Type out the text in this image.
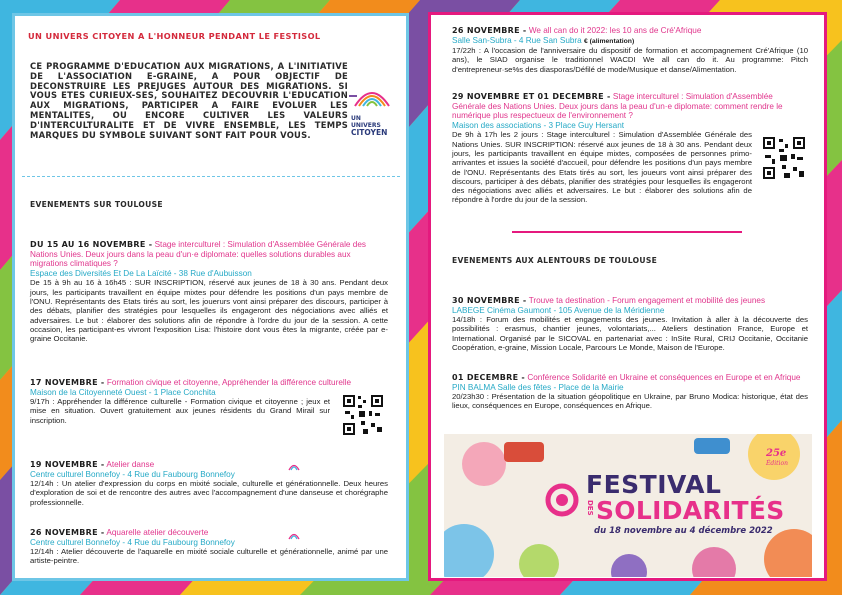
UN UNIVERS CITOYEN A L'HONNEUR PENDANT LE FESTISOL
CE PROGRAMME D'EDUCATION AUX MIGRATIONS, A L'INITIATIVE DE L'ASSOCIATION E-GRAINE, A POUR OBJECTIF DE DECONSTRUIRE LES PREJUGES AUTOUR DES MIGRATIONS. SI VOUS ETES CURIEUX-SES, SOUHAITEZ DECOUVRIR L'EDUCATION AUX MIGRATIONS, PARTICIPER A FAIRE EVOLUER LES MENTALITES, OU ENCORE CULTIVER LES VALEURS D'INTERCULTURALITE ET DE VIVRE ENSEMBLE, LES TEMPS MARQUES DU SYMBOLE SUIVANT SONT FAIT POUR VOUS.
UN
UNIVERS
CITOYEN
EVENEMENTS SUR TOULOUSE
DU 15 AU 16 NOVEMBRE - Stage interculturel : Simulation d'Assemblée Générale des Nations Unies. Deux jours dans la peau d'un·e diplomate: quelles solutions durables aux migrations climatiques ?
Espace des Diversités Et De La Laïcité - 38 Rue d'Aubuisson
De 15 à 9h au 16 à 16h45 : SUR INSCRIPTION, réservé aux jeunes de 18 à 30 ans. Pendant deux jours, les participants travaillent en équipe mixtes pour défendre les positions d'un pays membre de l'ONU. Représentants des Etats tirés au sort, les jouerurs vont ainsi préparer des discours, participer à des débats, planifier des stratégies pour lesquelles ils engageront des négociations avec alliés et adversaires. Le but : élaborer des solutions afin de répondre à l'ordre du jour de la session. A cette occasion, les participant-es vivront l'exposition Lisa: l'histoire dont vous êtes la migrante, créée par e-graine Occitanie.
17 NOVEMBRE - Formation civique et citoyenne, Appréhender la différence culturelle
Maison de la Citoyenneté Ouest - 1 Place Conchita
9/17h : Appréhender la différence culturelle - Formation civique et citoyenne ; jeux et mise en situation. Ouvert gratuitement aux jeunes résidents du Grand Mirail sur inscription.
19 NOVEMBRE - Atelier danse
Centre culturel Bonnefoy - 4 Rue du Faubourg Bonnefoy
12/14h : Un atelier d'expression du corps en mixité sociale, culturelle et générationnelle. Deux heures d'exploration de soi et de rencontre des autres avec l'accompagnement d'une danseuse et chorégraphe professionnelle.
26 NOVEMBRE - Aquarelle atelier découverte
Centre culturel Bonnefoy - 4 Rue du Faubourg Bonnefoy
12/14h : Atelier découverte de l'aquarelle en mixité sociale culturelle et générationnelle, animé par une artiste-peintre.
26 NOVEMBRE - We all can do it 2022: les 10 ans de Cré'Afrique
Salle San-Subra - 4 Rue San Subra € (alimentation)
17/22h : A l'occasion de l'anniversaire du dispositif de formation et accompagnement Cré'Afrique (10 ans), le SIAD organise le traditionnel WACDI We all can do it. Au programme: Pitch d'entrepreneur·se%s des diasporas/Défilé de mode/Musique et danse/Alimentation.
29 NOVEMBRE ET 01 DECEMBRE - Stage interculturel : Simulation d'Assemblée Générale des Nations Unies. Deux jours dans la peau d'un·e diplomate: comment rendre le numérique plus respectueux de l'environnement ?
Maison des associations - 3 Place Guy Hersant
De 9h à 17h les 2 jours : Stage interculturel : Simulation d'Assemblée Générale des Nations Unies. SUR INSCRIPTION: réservé aux jeunes de 18 à 30 ans. Pendant deux jours, les participants travaillent en équipe mixtes, composées de personnes primo-arrivantes et issues la société d'accueil, pour défendre les positions d'un pays membre de l'ONU. Représentants des Etats tirés au sort, les joueurs vont ainsi préparer des discours, participer à des débats, planifier des stratégies pour lesquelles ils engageront des négociations avec alliés et adversaires. Le but : élaborer des solutions afin de répondre à l'ordre du jour de la session.
EVENEMENTS AUX ALENTOURS DE TOULOUSE
30 NOVEMBRE - Trouve ta destination - Forum engagement et mobilité des jeunes
LABEGE Cinéma Gaumont - 105 Avenue de la Méridienne
14/18h : Forum des mobilités et engagements des jeunes. Invitation à aller à la découverte des possibilités : erasmus, chantier jeunes, volontariats,... Ateliers destination France, Europe et International. Organisé par le SICOVAL en partenariat avec : InSite Rural, CRIJ Occitanie, Occitanie Coopération, e-graine, Mission Locale, Parcours Le Monde, Maison de l'Europe.
01 DECEMBRE - Conférence Solidarité en Ukraine et conséquences en Europe et en Afrique
PIN BALMA Salle des fêtes - Place de la Mairie
20/23h30 : Présentation de la situation géopolitique en Ukraine, par Bruno Modica: historique, état des lieux, conséquences en Europe, conséquences en Afrique.
FESTIVAL
DES SOLIDARITÉS
du 18 novembre au 4 décembre 2022
25e
Édition
